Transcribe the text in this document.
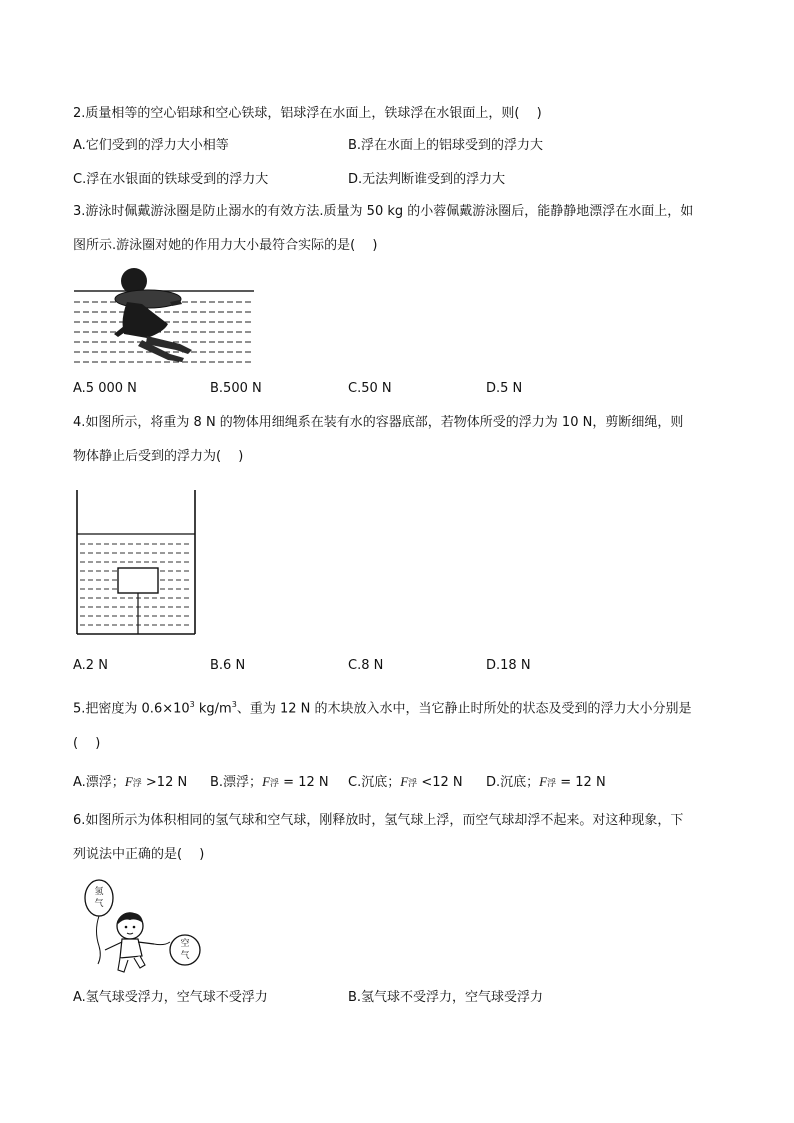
2.质量相等的空心铝球和空心铁球，铝球浮在水面上，铁球浮在水银面上，则(　 )
A.它们受到的浮力大小相等	B.浮在水面上的铝球受到的浮力大
C.浮在水银面的铁球受到的浮力大	D.无法判断谁受到的浮力大
3.游泳时佩戴游泳圈是防止溺水的有效方法.质量为 50 kg 的小蓉佩戴游泳圈后，能静静地漂浮在水面上，如
图所示.游泳圈对她的作用力大小最符合实际的是(　 )
A.5 000 N	B.500 N	C.50 N	D.5 N
4.如图所示，将重为 8 N 的物体用细绳系在装有水的容器底部，若物体所受的浮力为 10 N，剪断细绳，则
物体静止后受到的浮力为(　 )
A.2 N	B.6 N	C.8 N	D.18 N
5.把密度为 $0.6\times 10^3$ $kg/m^3$、重为 12 N 的木块放入水中，当它静止时所处的状态及受到的浮力大小分别是
(　 )
A.漂浮；F浮 >12 N B.漂浮；F浮 = 12 N C.沉底；F浮 <12 N D.沉底；F浮 = 12 N
6.如图所示为体积相同的氢气球和空气球，刚释放时，氢气球上浮，而空气球却浮不起来。对这种现象，下
列说法中正确的是(　 )
氢
气
空
气
A.氢气球受浮力，空气球不受浮力	B.氢气球不受浮力，空气球受浮力
